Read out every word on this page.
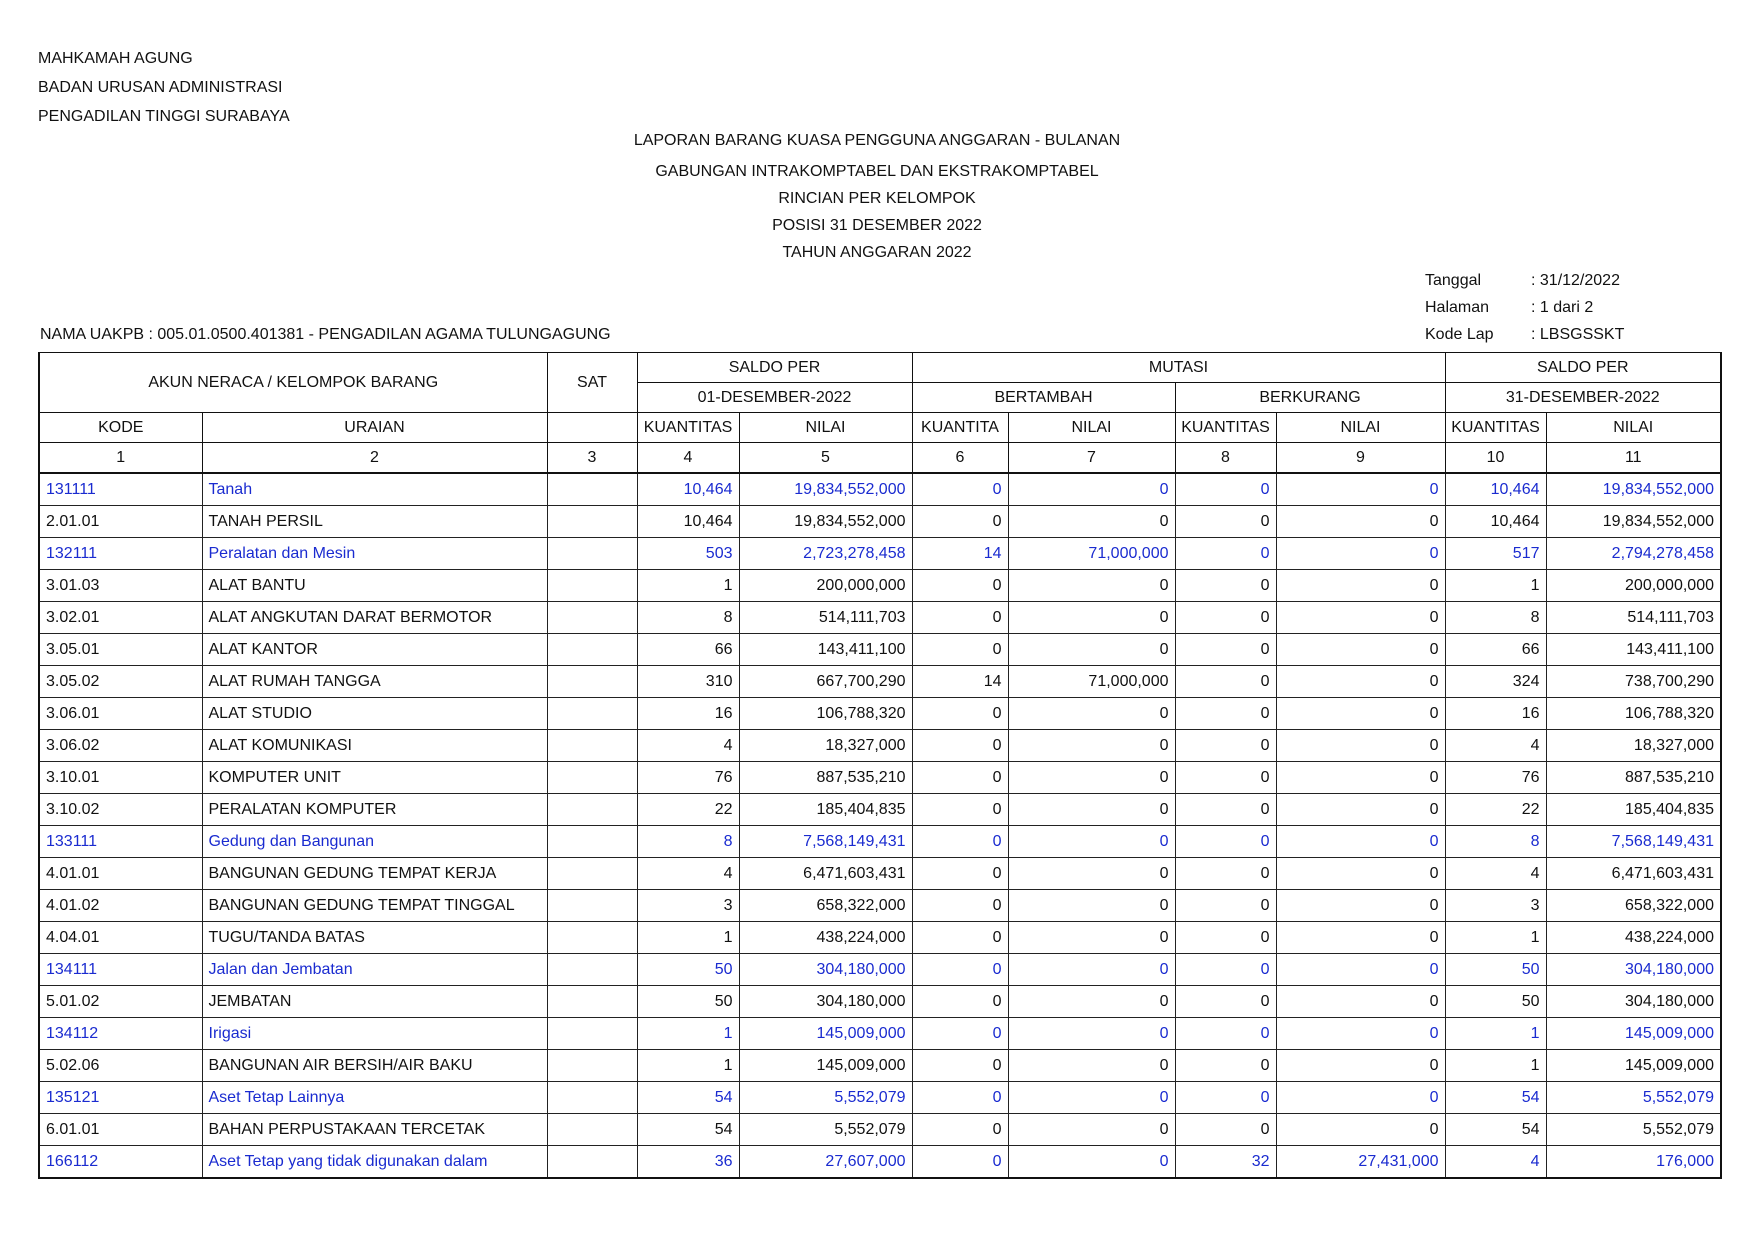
MAHKAMAH AGUNG
BADAN URUSAN ADMINISTRASI
PENGADILAN TINGGI SURABAYA
LAPORAN BARANG KUASA PENGGUNA ANGGARAN - BULANAN
GABUNGAN INTRAKOMPTABEL DAN EKSTRAKOMPTABEL
RINCIAN PER KELOMPOK
POSISI 31 DESEMBER 2022
TAHUN ANGGARAN 2022
Tanggal	: 31/12/2022
Halaman	: 1 dari 2
Kode Lap	: LBSGSSKT
NAMA UAKPB : 005.01.0500.401381 - PENGADILAN AGAMA TULUNGAGUNG
AKUN NERACA / KELOMPOK BARANG		SAT	SALDO PER		MUTASI				SALDO PER	
			01-DESEMBER-2022		BERTAMBAH		BERKURANG		31-DESEMBER-2022	
KODE	URAIAN		KUANTITAS	NILAI	KUANTITA	NILAI	KUANTITAS	NILAI	KUANTITAS	NILAI
1	2	3	4	5	6	7	8	9	10	11
131111	Tanah		10,464	19,834,552,000	0	0	0	0	10,464	19,834,552,000
2.01.01	TANAH PERSIL		10,464	19,834,552,000	0	0	0	0	10,464	19,834,552,000
132111	Peralatan dan Mesin		503	2,723,278,458	14	71,000,000	0	0	517	2,794,278,458
3.01.03	ALAT BANTU		1	200,000,000	0	0	0	0	1	200,000,000
3.02.01	ALAT ANGKUTAN DARAT BERMOTOR		8	514,111,703	0	0	0	0	8	514,111,703
3.05.01	ALAT KANTOR		66	143,411,100	0	0	0	0	66	143,411,100
3.05.02	ALAT RUMAH TANGGA		310	667,700,290	14	71,000,000	0	0	324	738,700,290
3.06.01	ALAT STUDIO		16	106,788,320	0	0	0	0	16	106,788,320
3.06.02	ALAT KOMUNIKASI		4	18,327,000	0	0	0	0	4	18,327,000
3.10.01	KOMPUTER UNIT		76	887,535,210	0	0	0	0	76	887,535,210
3.10.02	PERALATAN KOMPUTER		22	185,404,835	0	0	0	0	22	185,404,835
133111	Gedung dan Bangunan		8	7,568,149,431	0	0	0	0	8	7,568,149,431
4.01.01	BANGUNAN GEDUNG TEMPAT KERJA		4	6,471,603,431	0	0	0	0	4	6,471,603,431
4.01.02	BANGUNAN GEDUNG TEMPAT TINGGAL		3	658,322,000	0	0	0	0	3	658,322,000
4.04.01	TUGU/TANDA BATAS		1	438,224,000	0	0	0	0	1	438,224,000
134111	Jalan dan Jembatan		50	304,180,000	0	0	0	0	50	304,180,000
5.01.02	JEMBATAN		50	304,180,000	0	0	0	0	50	304,180,000
134112	Irigasi		1	145,009,000	0	0	0	0	1	145,009,000
5.02.06	BANGUNAN AIR BERSIH/AIR BAKU		1	145,009,000	0	0	0	0	1	145,009,000
135121	Aset Tetap Lainnya		54	5,552,079	0	0	0	0	54	5,552,079
6.01.01	BAHAN PERPUSTAKAAN TERCETAK		54	5,552,079	0	0	0	0	54	5,552,079
166112	Aset Tetap yang tidak digunakan dalam		36	27,607,000	0	0	32	27,431,000	4	176,000
